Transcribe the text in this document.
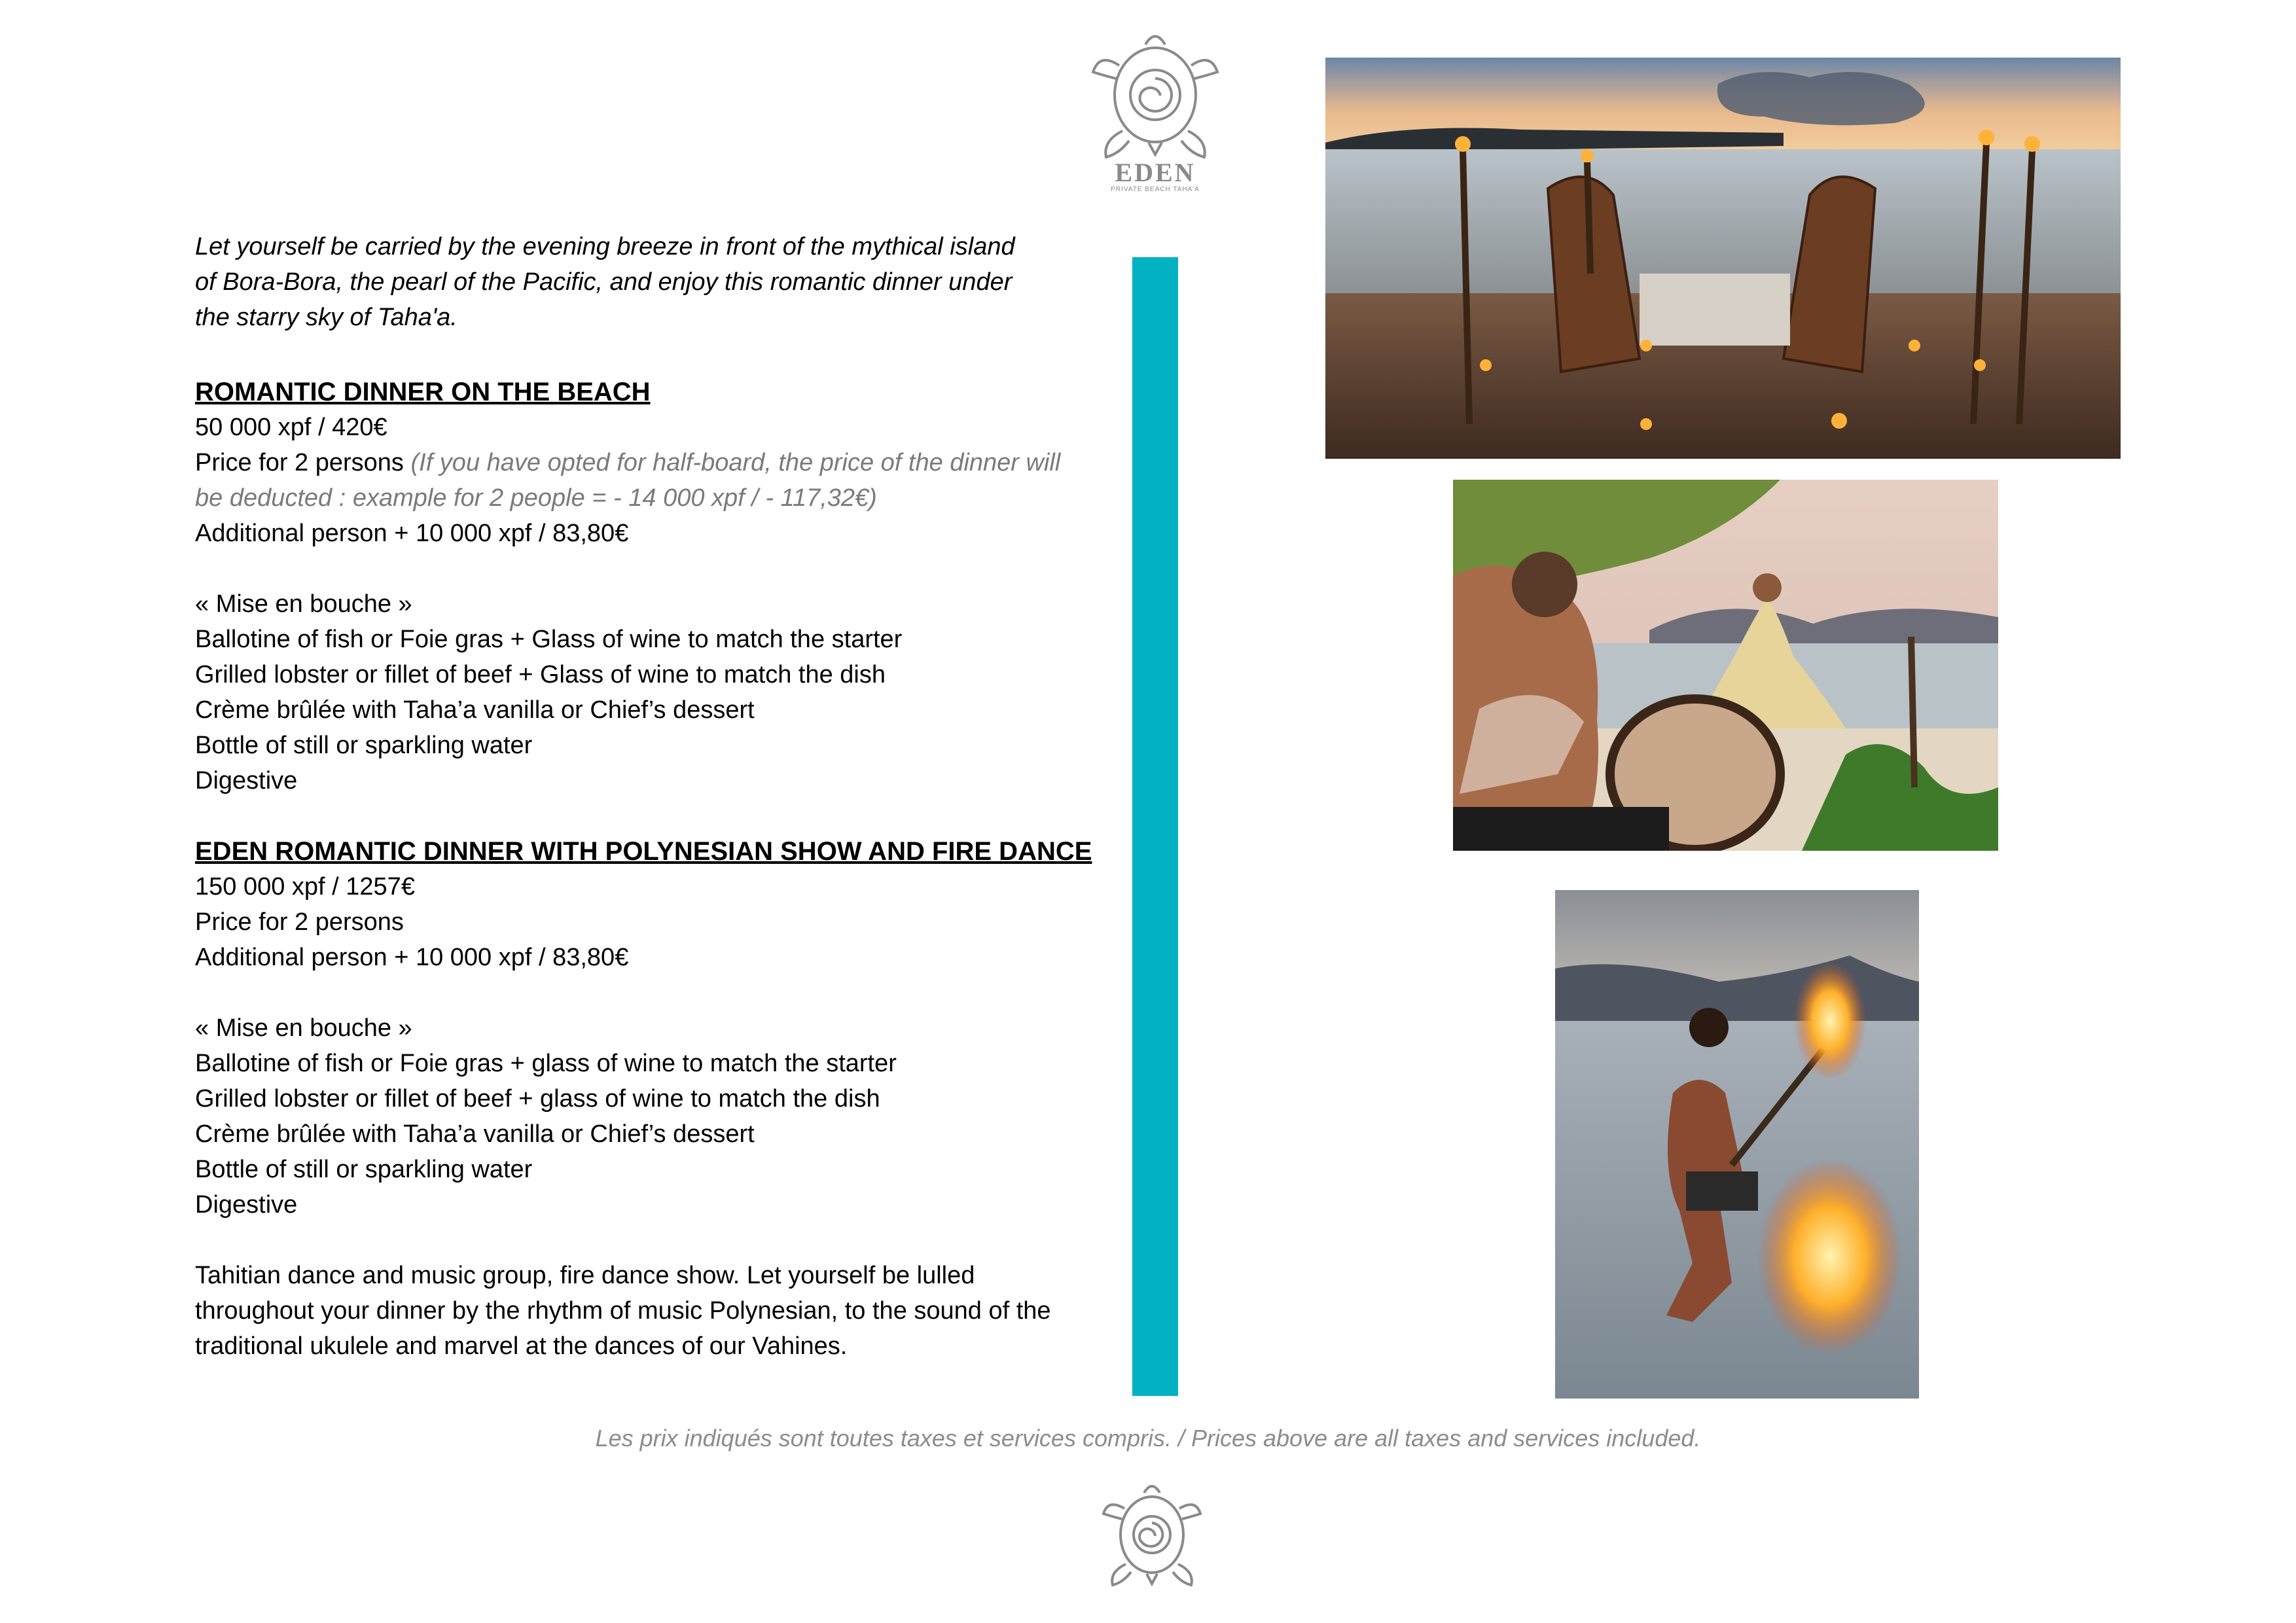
EDEN
PRIVATE BEACH TAHA'A

Let yourself be carried by the evening breeze in front of the mythical island of Bora-Bora, the pearl of the Pacific, and enjoy this romantic dinner under the starry sky of Taha'a.

ROMANTIC DINNER ON THE BEACH

50 000 xpf / 420€

Price for 2 persons (If you have opted for half-board, the price of the dinner will be deducted : example for 2 people = - 14 000 xpf / - 117,32€)

Additional person + 10 000 xpf / 83,80€

« Mise en bouche »

Ballotine of fish or Foie gras + Glass of wine to match the starter

Grilled lobster or fillet of beef + Glass of wine to match the dish

Crème brûlée with Taha’a vanilla or Chief’s dessert

Bottle of still or sparkling water

Digestive

EDEN ROMANTIC DINNER WITH POLYNESIAN SHOW AND FIRE DANCE

150 000 xpf / 1257€

Price for 2 persons

Additional person + 10 000 xpf / 83,80€

« Mise en bouche »

Ballotine of fish or Foie gras + glass of wine to match the starter

Grilled lobster or fillet of beef + glass of wine to match the dish

Crème brûlée with Taha’a vanilla or Chief’s dessert

Bottle of still or sparkling water

Digestive

Tahitian dance and music group, fire dance show. Let yourself be lulled throughout your dinner by the rhythm of music Polynesian, to the sound of the traditional ukulele and marvel at the dances of our Vahines.

Les prix indiqués sont toutes taxes et services compris. / Prices above are all taxes and services included.
